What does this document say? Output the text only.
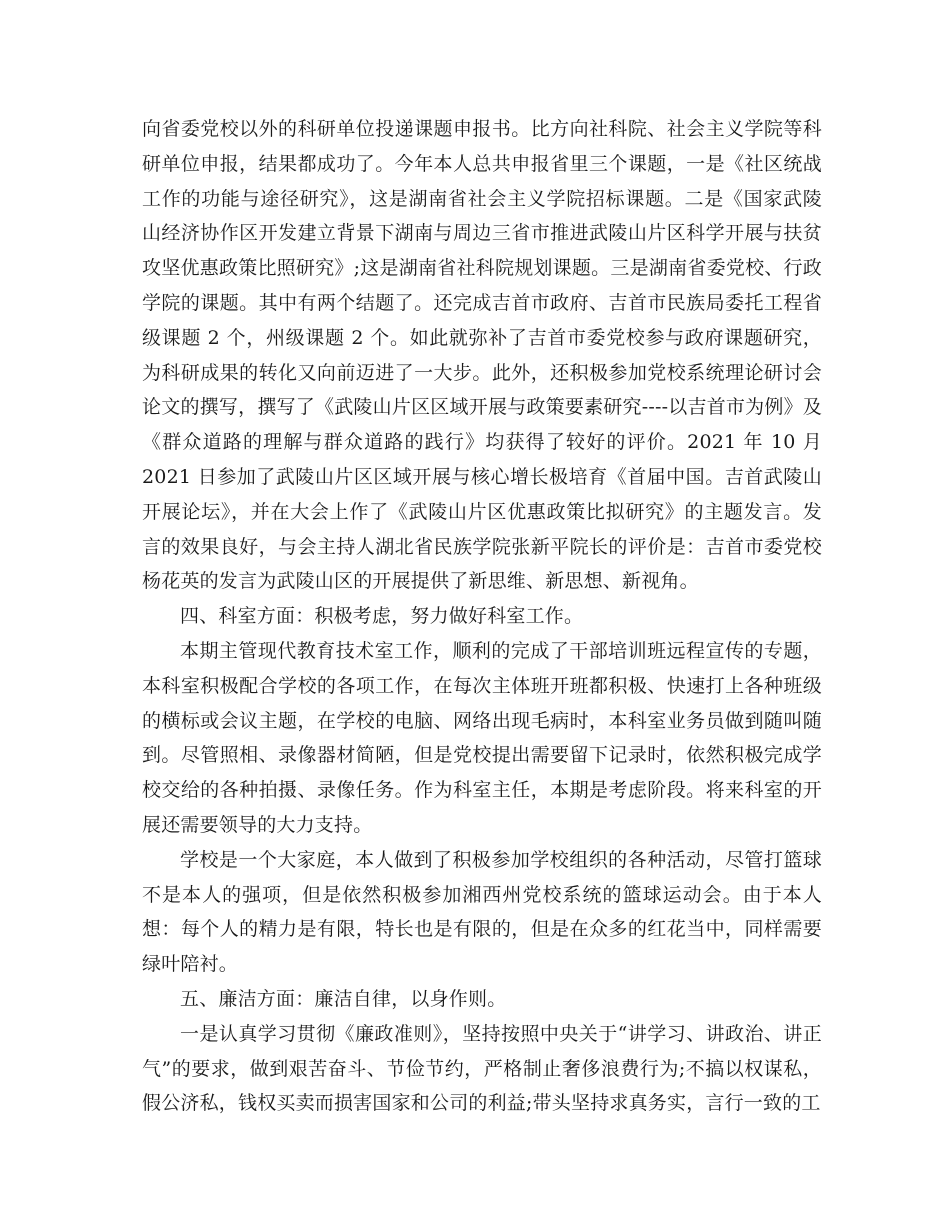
向省委党校以外的科研单位投递课题申报书。比方向社科院、社会主义学院等科研单位申报，结果都成功了。今年本人总共申报省里三个课题，一是《社区统战工作的功能与途径研究》，这是湖南省社会主义学院招标课题。二是《国家武陵山经济协作区开发建立背景下湖南与周边三省市推进武陵山片区科学开展与扶贫攻坚优惠政策比照研究》;这是湖南省社科院规划课题。三是湖南省委党校、行政学院的课题。其中有两个结题了。还完成吉首市政府、吉首市民族局委托工程省级课题 2 个，州级课题 2 个。如此就弥补了吉首市委党校参与政府课题研究，为科研成果的转化又向前迈进了一大步。此外，还积极参加党校系统理论研讨会论文的撰写，撰写了《武陵山片区区域开展与政策要素研究----以吉首市为例》及《群众道路的理解与群众道路的践行》均获得了较好的评价。2021 年 10 月 2021 日参加了武陵山片区区域开展与核心增长极培育《首届中国。吉首武陵山开展论坛》，并在大会上作了《武陵山片区优惠政策比拟研究》的主题发言。发言的效果良好，与会主持人湖北省民族学院张新平院长的评价是：吉首市委党校杨花英的发言为武陵山区的开展提供了新思维、新思想、新视角。

四、科室方面：积极考虑，努力做好科室工作。

本期主管现代教育技术室工作，顺利的完成了干部培训班远程宣传的专题，本科室积极配合学校的各项工作，在每次主体班开班都积极、快速打上各种班级的横标或会议主题，在学校的电脑、网络出现毛病时，本科室业务员做到随叫随到。尽管照相、录像器材简陋，但是党校提出需要留下记录时，依然积极完成学校交给的各种拍摄、录像任务。作为科室主任，本期是考虑阶段。将来科室的开展还需要领导的大力支持。

学校是一个大家庭，本人做到了积极参加学校组织的各种活动，尽管打篮球不是本人的强项，但是依然积极参加湘西州党校系统的篮球运动会。由于本人想：每个人的精力是有限，特长也是有限的，但是在众多的红花当中，同样需要绿叶陪衬。

五、廉洁方面：廉洁自律，以身作则。

一是认真学习贯彻《廉政准则》，坚持按照中央关于“讲学习、讲政治、讲正气”的要求，做到艰苦奋斗、节俭节约，严格制止奢侈浪费行为;不搞以权谋私，假公济私，钱权买卖而损害国家和公司的利益;带头坚持求真务实，言行一致的工
